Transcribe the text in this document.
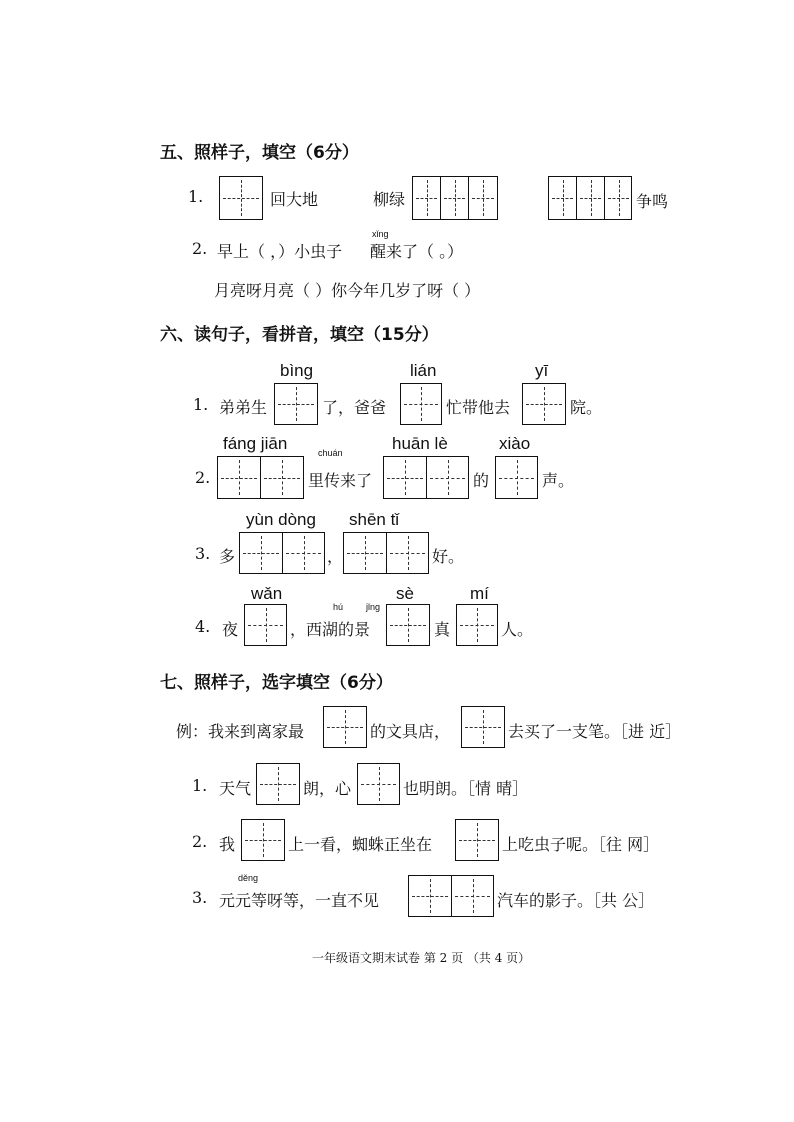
五、照样子，填空（6分）
1.	回大地	柳绿	争鸣
2. 早上（ ，）小虫子
xǐng
醒 来了（ 。）
月亮呀月亮（ ）你今年几岁了呀（ ）
六、读句子，看拼音，填空（15分）
bìng	lián	yī
1. 弟弟生	了，爸爸	忙带他去	院。
fáng jiān	chuán	huān lè	xiào
2.	里传来了	的	声。
yùn dòng shēn tǐ
3. 多	，	好。
wǎn
hú	jǐng
sè	mí
4. 夜	，西湖的景	真	人。
七、照样子，选字填空（6分）
例：我来到离家最	的文具店，	去买了一支笔。［进 近］
1. 天气	朗，心	也明朗。［情 晴］
2. 我	上一看，蜘蛛正坐在	上吃虫子呢。［往 网］
děng
3. 元元等呀等，一直不见	汽车的影子。［共 公］
一年级语文期末试卷 第 2 页 （共 4 页）
